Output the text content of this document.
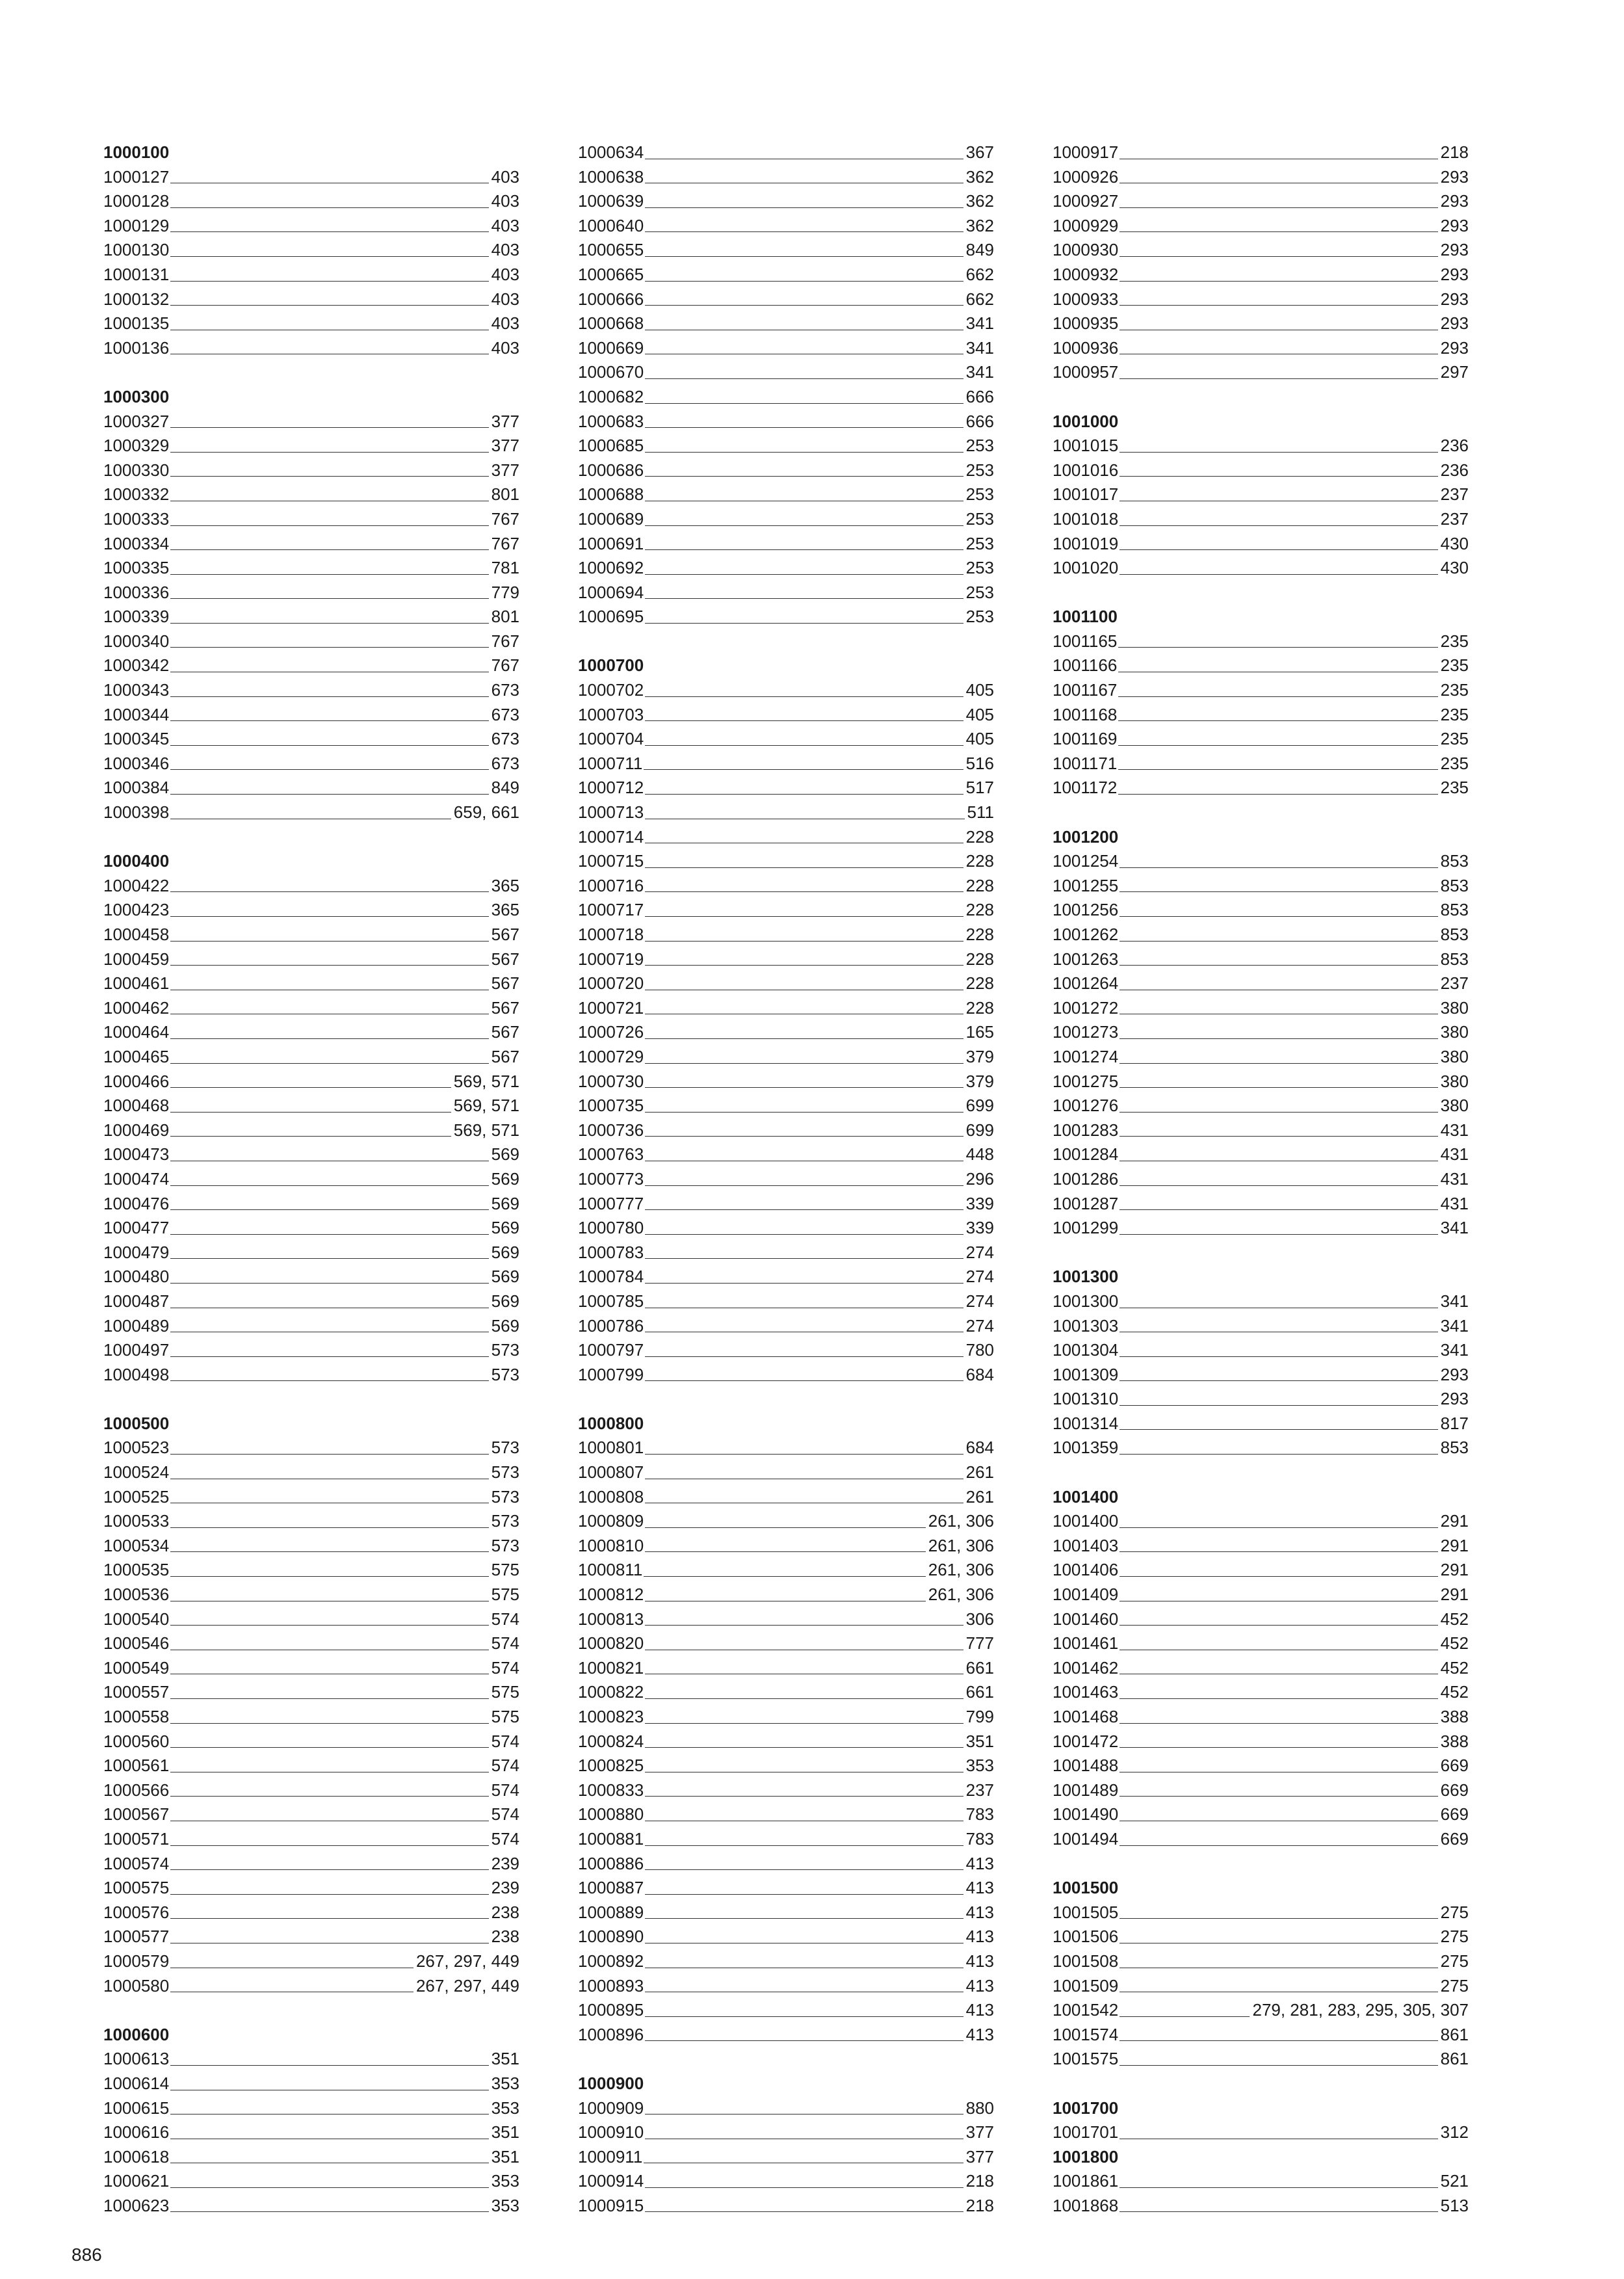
1000100
1000127	403
1000128	403
1000129	403
1000130	403
1000131	403
1000132	403
1000135	403
1000136	403
1000300
1000327	377
1000329	377
1000330	377
1000332	801
1000333	767
1000334	767
1000335	781
1000336	779
1000339	801
1000340	767
1000342	767
1000343	673
1000344	673
1000345	673
1000346	673
1000384	849
1000398	659, 661
1000400
1000422	365
1000423	365
1000458	567
1000459	567
1000461	567
1000462	567
1000464	567
1000465	567
1000466	569, 571
1000468	569, 571
1000469	569, 571
1000473	569
1000474	569
1000476	569
1000477	569
1000479	569
1000480	569
1000487	569
1000489	569
1000497	573
1000498	573
1000500
1000523	573
1000524	573
1000525	573
1000533	573
1000534	573
1000535	575
1000536	575
1000540	574
1000546	574
1000549	574
1000557	575
1000558	575
1000560	574
1000561	574
1000566	574
1000567	574
1000571	574
1000574	239
1000575	239
1000576	238
1000577	238
1000579	267, 297, 449
1000580	267, 297, 449
1000600
1000613	351
1000614	353
1000615	353
1000616	351
1000618	351
1000621	353
1000623	353
1000634	367
1000638	362
1000639	362
1000640	362
1000655	849
1000665	662
1000666	662
1000668	341
1000669	341
1000670	341
1000682	666
1000683	666
1000685	253
1000686	253
1000688	253
1000689	253
1000691	253
1000692	253
1000694	253
1000695	253
1000700
1000702	405
1000703	405
1000704	405
1000711	516
1000712	517
1000713	511
1000714	228
1000715	228
1000716	228
1000717	228
1000718	228
1000719	228
1000720	228
1000721	228
1000726	165
1000729	379
1000730	379
1000735	699
1000736	699
1000763	448
1000773	296
1000777	339
1000780	339
1000783	274
1000784	274
1000785	274
1000786	274
1000797	780
1000799	684
1000800
1000801	684
1000807	261
1000808	261
1000809	261, 306
1000810	261, 306
1000811	261, 306
1000812	261, 306
1000813	306
1000820	777
1000821	661
1000822	661
1000823	799
1000824	351
1000825	353
1000833	237
1000880	783
1000881	783
1000886	413
1000887	413
1000889	413
1000890	413
1000892	413
1000893	413
1000895	413
1000896	413
1000900
1000909	880
1000910	377
1000911	377
1000914	218
1000915	218
1000917	218
1000926	293
1000927	293
1000929	293
1000930	293
1000932	293
1000933	293
1000935	293
1000936	293
1000957	297
1001000
1001015	236
1001016	236
1001017	237
1001018	237
1001019	430
1001020	430
1001100
1001165	235
1001166	235
1001167	235
1001168	235
1001169	235
1001171	235
1001172	235
1001200
1001254	853
1001255	853
1001256	853
1001262	853
1001263	853
1001264	237
1001272	380
1001273	380
1001274	380
1001275	380
1001276	380
1001283	431
1001284	431
1001286	431
1001287	431
1001299	341
1001300
1001300	341
1001303	341
1001304	341
1001309	293
1001310	293
1001314	817
1001359	853
1001400
1001400	291
1001403	291
1001406	291
1001409	291
1001460	452
1001461	452
1001462	452
1001463	452
1001468	388
1001472	388
1001488	669
1001489	669
1001490	669
1001494	669
1001500
1001505	275
1001506	275
1001508	275
1001509	275
1001542	279, 281, 283, 295, 305, 307
1001574	861
1001575	861
1001700
1001701	312
1001800
1001861	521
1001868	513
886
